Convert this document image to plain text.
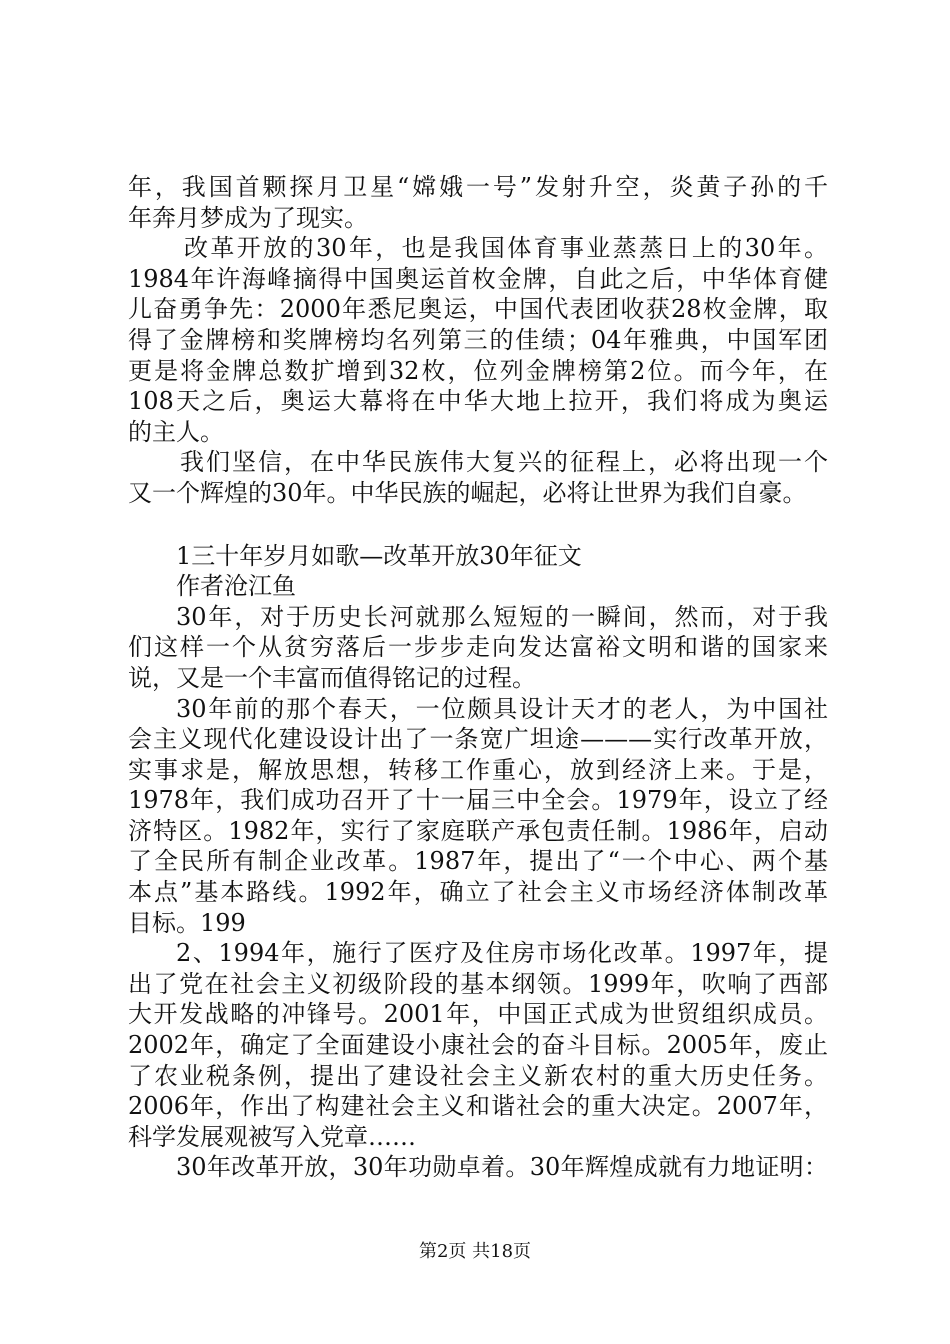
年，我国首颗探月卫星“嫦娥一号”发射升空，炎黄子孙的千
年奔月梦成为了现实。
改革开放的30年，也是我国体育事业蒸蒸日上的30年。
1984年许海峰摘得中国奥运首枚金牌，自此之后，中华体育健
儿奋勇争先：2000年悉尼奥运，中国代表团收获28枚金牌，取
得了金牌榜和奖牌榜均名列第三的佳绩；04年雅典，中国军团
更是将金牌总数扩增到32枚，位列金牌榜第2位。而今年，在
108天之后，奥运大幕将在中华大地上拉开，我们将成为奥运
的主人。
我们坚信，在中华民族伟大复兴的征程上，必将出现一个
又一个辉煌的30年。中华民族的崛起，必将让世界为我们自豪。
1三十年岁月如歌—改革开放30年征文
作者沧江鱼
30年，对于历史长河就那么短短的一瞬间，然而，对于我
们这样一个从贫穷落后一步步走向发达富裕文明和谐的国家来
说，又是一个丰富而值得铭记的过程。
30年前的那个春天，一位颇具设计天才的老人，为中国社
会主义现代化建设设计出了一条宽广坦途———实行改革开放，
实事求是，解放思想，转移工作重心，放到经济上来。于是，
1978年，我们成功召开了十一届三中全会。1979年，设立了经
济特区。1982年，实行了家庭联产承包责任制。1986年，启动
了全民所有制企业改革。1987年，提出了“一个中心、两个基
本点”基本路线。1992年，确立了社会主义市场经济体制改革
目标。199
2、1994年，施行了医疗及住房市场化改革。1997年，提
出了党在社会主义初级阶段的基本纲领。1999年，吹响了西部
大开发战略的冲锋号。2001年，中国正式成为世贸组织成员。
2002年，确定了全面建设小康社会的奋斗目标。2005年，废止
了农业税条例，提出了建设社会主义新农村的重大历史任务。
2006年，作出了构建社会主义和谐社会的重大决定。2007年，
科学发展观被写入党章……
30年改革开放，30年功勋卓着。30年辉煌成就有力地证明：
第2页 共18页
